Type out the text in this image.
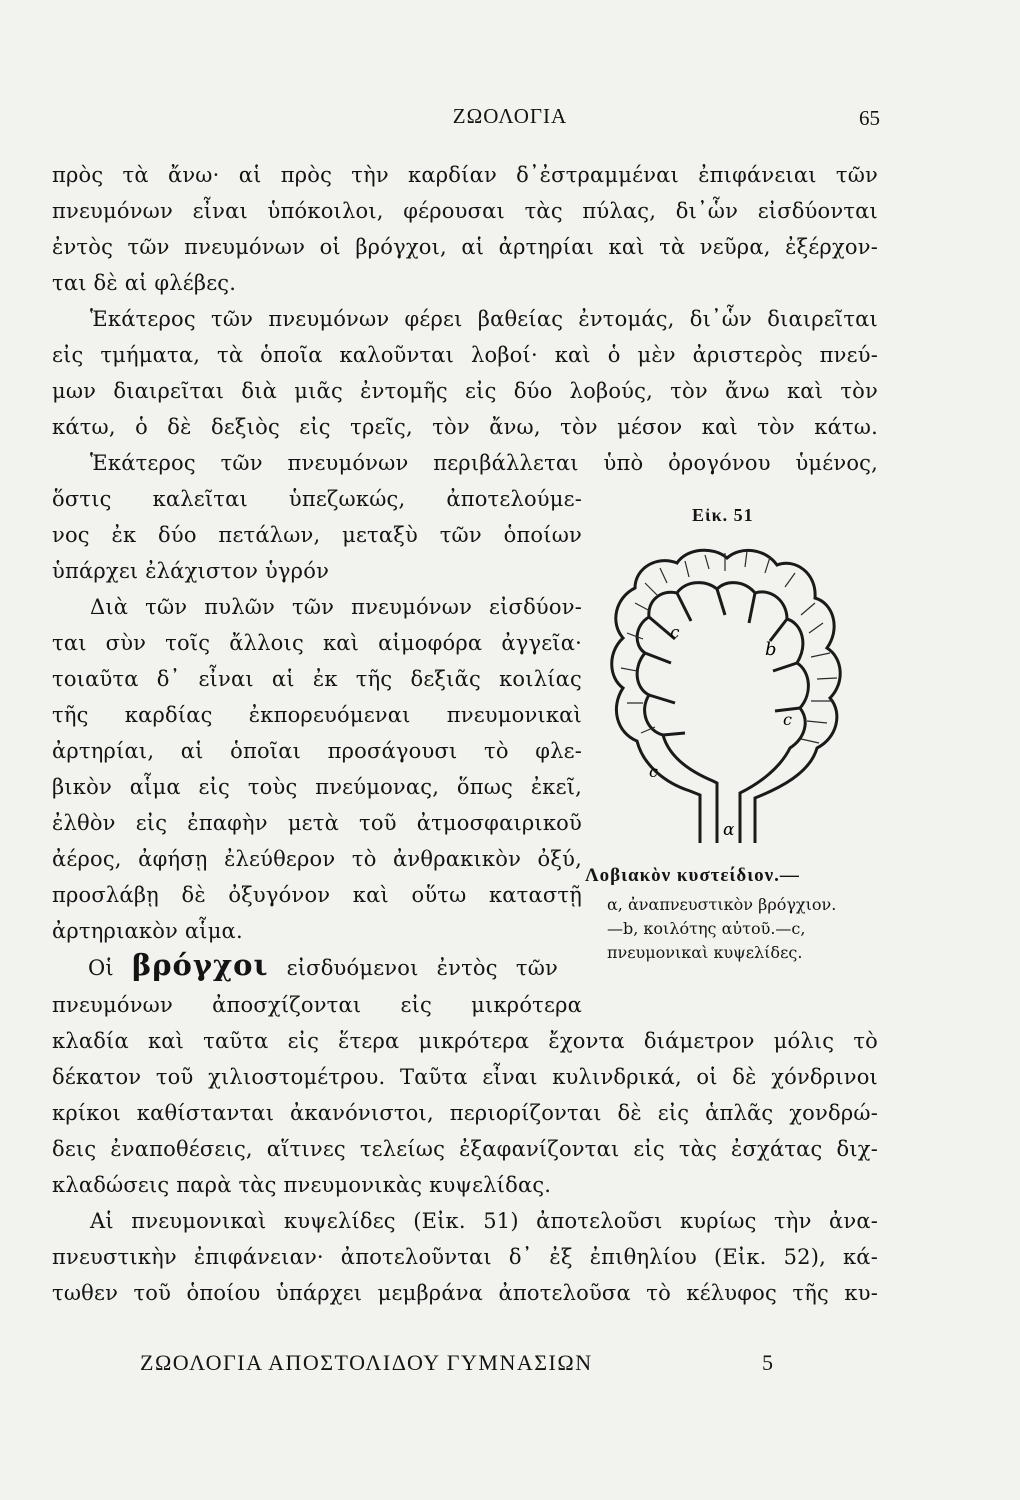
ΖΩΟΛΟΓΙΑ	65
πρὸς τὰ ἄνω· αἱ πρὸς τὴν καρδίαν δ᾽ἐστραμμέναι ἐπιφάνειαι τῶν
πνευμόνων εἶναι ὑπόκοιλοι, φέρουσαι τὰς πύλας, δι᾽ὧν εἰσδύονται
ἐντὸς τῶν πνευμόνων οἱ βρόγχοι, αἱ ἀρτηρίαι καὶ τὰ νεῦρα, ἐξέρχον-
ται δὲ αἱ φλέβες.
Ἑκάτερος τῶν πνευμόνων φέρει βαθείας ἐντομάς, δι᾽ὧν διαιρεῖται
εἰς τμήματα, τὰ ὁποῖα καλοῦνται λοβοί· καὶ ὁ μὲν ἀριστερὸς πνεύ-
μων διαιρεῖται διὰ μιᾶς ἐντομῆς εἰς δύο λοβούς, τὸν ἄνω καὶ τὸν
κάτω, ὁ δὲ δεξιὸς εἰς τρεῖς, τὸν ἄνω, τὸν μέσον καὶ τὸν κάτω.
Ἑκάτερος τῶν πνευμόνων περιβάλλεται ὑπὸ ὀρογόνου ὑμένος,
ὅστις καλεῖται ὑπεζωκώς, ἀποτελούμε-
νος ἐκ δύο πετάλων, μεταξὺ τῶν ὁποίων
ὑπάρχει ἐλάχιστον ὑγρόν
Διὰ τῶν πυλῶν τῶν πνευμόνων εἰσδύον-
ται σὺν τοῖς ἄλλοις καὶ αἱμοφόρα ἀγγεῖα·
τοιαῦτα δ᾽ εἶναι αἱ ἐκ τῆς δεξιᾶς κοιλίας
τῆς καρδίας ἐκπορευόμεναι πνευμονικαὶ
ἀρτηρίαι, αἱ ὁποῖαι προσάγουσι τὸ φλε-
βικὸν αἷμα εἰς τοὺς πνεύμονας, ὅπως ἐκεῖ,
ἐλθὸν εἰς ἐπαφὴν μετὰ τοῦ ἀτμοσφαιρικοῦ
ἀέρος, ἀφήσῃ ἐλεύθερον τὸ ἀνθρακικὸν ὀξύ,
προσλάβῃ δὲ ὀξυγόνον καὶ οὕτω καταστῇ
ἀρτηριακὸν αἷμα.
Οἱ βρόγχοι εἰσδυόμενοι ἐντὸς τῶν
πνευμόνων ἀποσχίζονται εἰς μικρότερα
κλαδία καὶ ταῦτα εἰς ἕτερα μικρότερα ἔχοντα διάμετρον μόλις τὸ
δέκατον τοῦ χιλιοστομέτρου. Ταῦτα εἶναι κυλινδρικά, οἱ δὲ χόνδρινοι
κρίκοι καθίστανται ἀκανόνιστοι, περιορίζονται δὲ εἰς ἁπλᾶς χονδρώ-
δεις ἐναποθέσεις, αἵτινες τελείως ἐξαφανίζονται εἰς τὰς ἐσχάτας διχ-
κλαδώσεις παρὰ τὰς πνευμονικὰς κυψελίδας.
Αἱ πνευμονικαὶ κυψελίδες (Εἰκ. 51) ἀποτελοῦσι κυρίως τὴν ἀνα-
πνευστικὴν ἐπιφάνειαν· ἀποτελοῦνται δ᾽ ἐξ ἐπιθηλίου (Εἰκ. 52), κά-
τωθεν τοῦ ὁποίου ὑπάρχει μεμβράνα ἀποτελοῦσα τὸ κέλυφος τῆς κυ-
Εἰκ. 51
c
b
c
c
α
Λοβιακὸν κυστείδιον.—
α, ἀναπνευστικὸν βρόγχιον.
—b, κοιλότης αὐτοῦ.—c,
πνευμονικαὶ κυψελίδες.
ΖΩΟΛΟΓΙΑ ΑΠΟΣΤΟΛΙΔΟΥ ΓΥΜΝΑΣΙΩΝ	5
